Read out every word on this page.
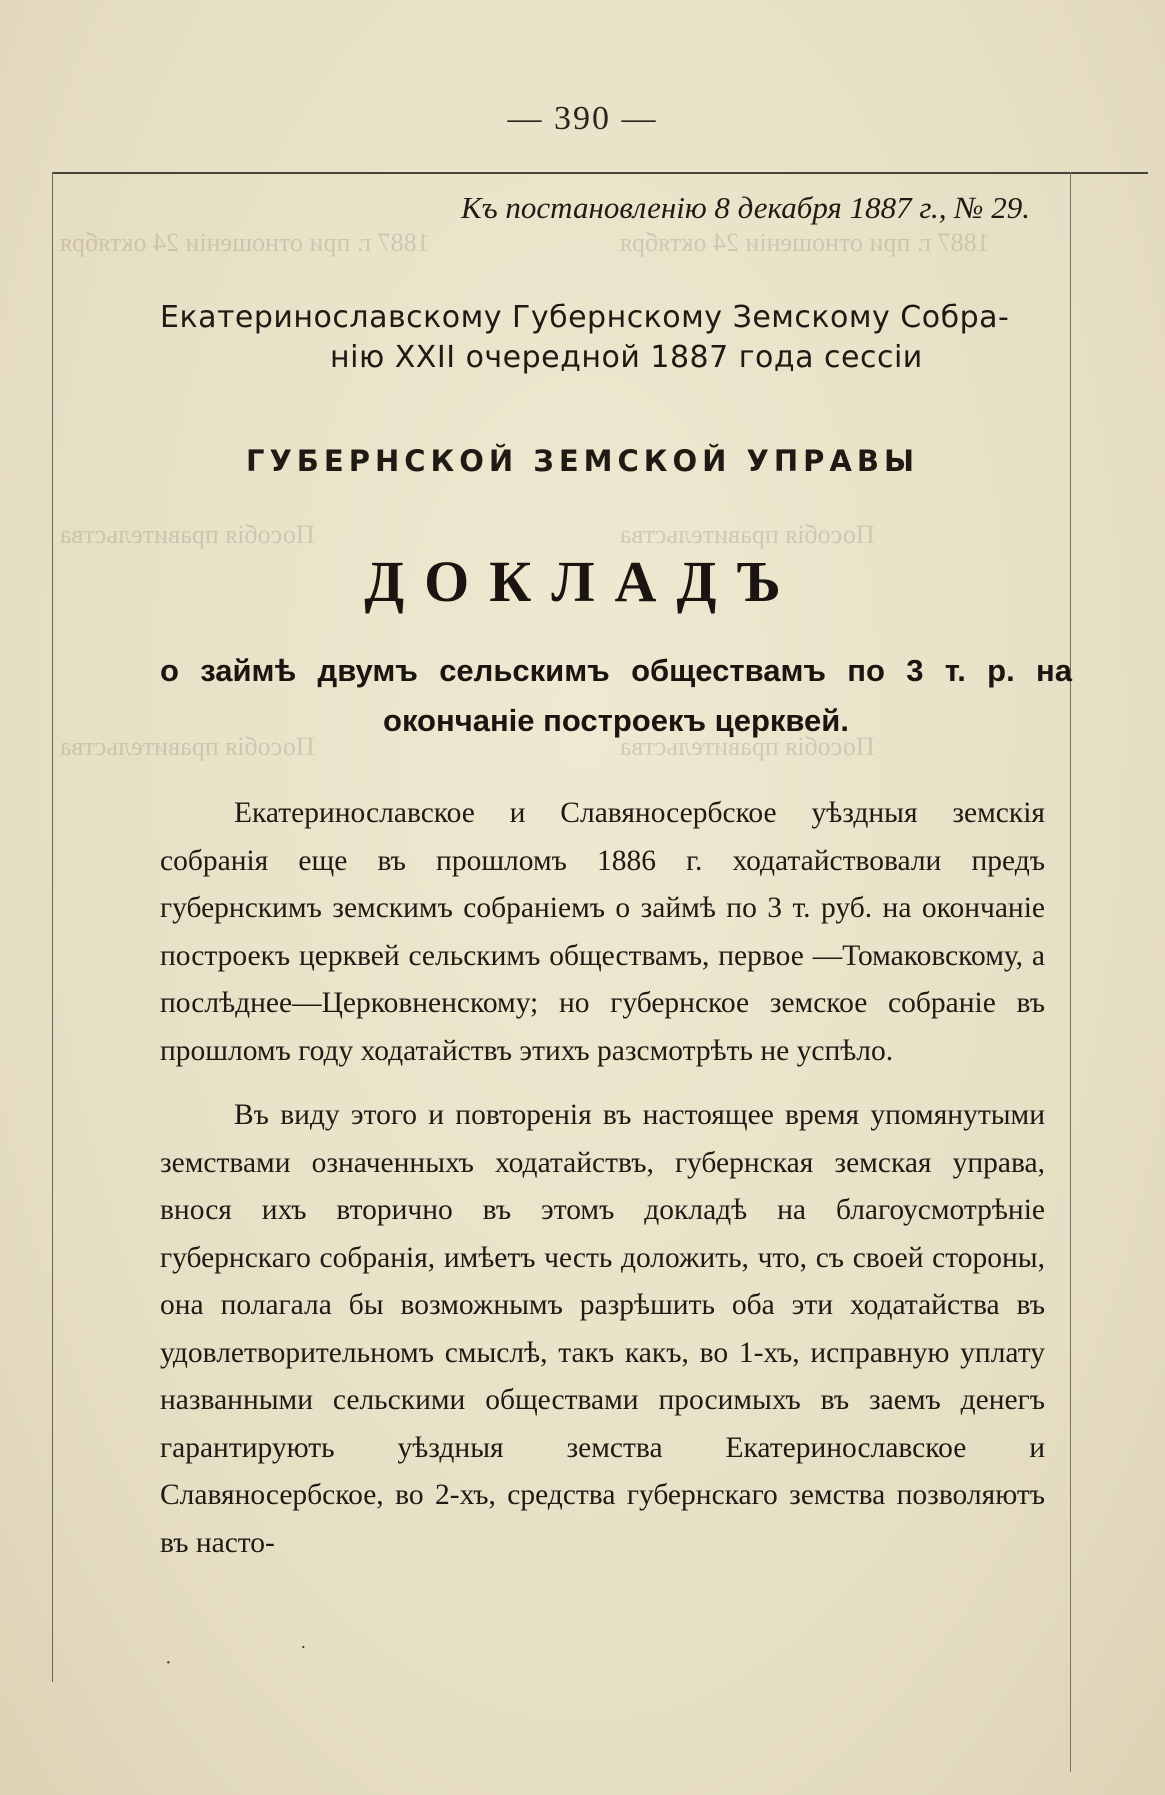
1887 г. при отношеніи 24 октября	1887 г. при отношеніи 24 октября
Пособія правительства	Пособія правительства
Пособія правительства	Пособія правительства
— 390 —
Къ постановленію 8 декабря 1887 г., № 29.
Екатеринославскому Губернскому Земскому Собра-
нію XXII очередной 1887 года сессіи
ГУБЕРНСКОЙ ЗЕМСКОЙ УПРАВЫ
ДОКЛАДЪ
о займѣ двумъ сельскимъ обществамъ по 3 т. р. на окончаніе построекъ церквей.

Екатеринославское и Славяносербское уѣздныя земскія собранія еще въ прошломъ 1886 г. ходатайствовали предъ губернскимъ земскимъ собраніемъ о займѣ по 3 т. руб. на окончаніе построекъ церквей сельскимъ обществамъ, первое —Томаковскому, а послѣднее—Церковненскому; но губернское земское собраніе въ прошломъ году ходатайствъ этихъ разсмотрѣть не успѣло.

Въ виду этого и повторенія въ настоящее время упомянутыми земствами означенныхъ ходатайствъ, губернская земская управа, внося ихъ вторично въ этомъ докладѣ на благоусмотрѣніе губернскаго собранія, имѣетъ честь доложить, что, съ своей стороны, она полагала бы возможнымъ разрѣшить оба эти ходатайства въ удовлетворительномъ смыслѣ, такъ какъ, во 1-хъ, исправную уплату названными сельскими обществами просимыхъ въ заемъ денегъ гарантирують уѣздныя земства Екатеринославское и Славяносербское, во 2-хъ, средства губернскаго земства позволяютъ въ насто-

˙
·
